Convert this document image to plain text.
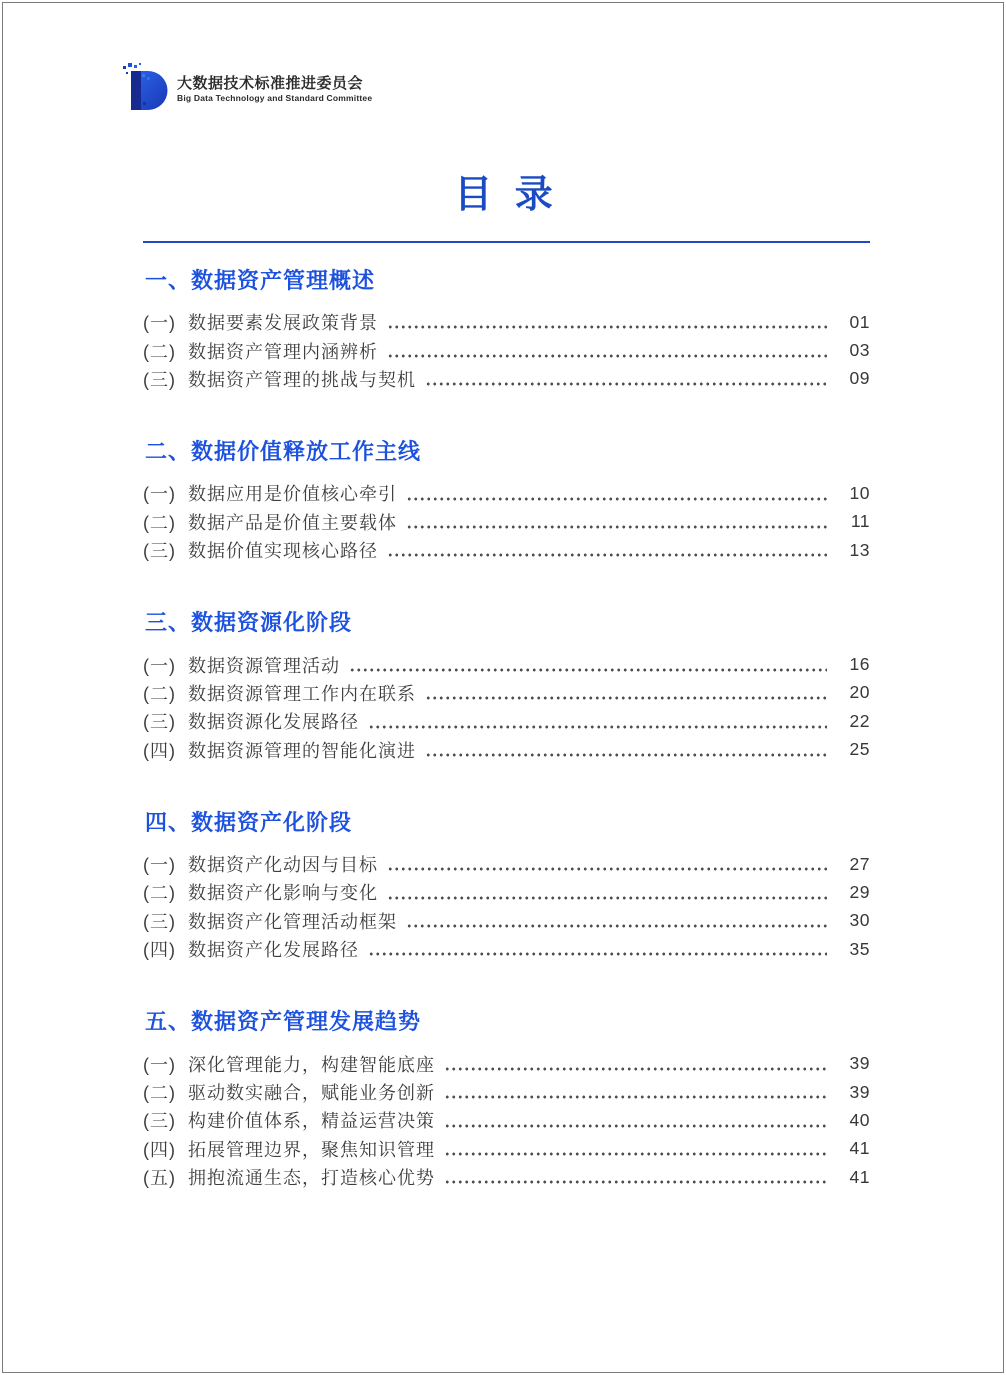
大数据技术标准推进委员会
Big Data Technology and Standard Committee
目 录
一、数据资产管理概述
(一) 数据要素发展政策背景	01
(二) 数据资产管理内涵辨析	03
(三) 数据资产管理的挑战与契机	09
二、数据价值释放工作主线
(一) 数据应用是价值核心牵引	10
(二) 数据产品是价值主要载体	11
(三) 数据价值实现核心路径	13
三、数据资源化阶段
(一) 数据资源管理活动	16
(二) 数据资源管理工作内在联系	20
(三) 数据资源化发展路径	22
(四) 数据资源管理的智能化演进	25
四、数据资产化阶段
(一) 数据资产化动因与目标	27
(二) 数据资产化影响与变化	29
(三) 数据资产化管理活动框架	30
(四) 数据资产化发展路径	35
五、数据资产管理发展趋势
(一) 深化管理能力，构建智能底座	39
(二) 驱动数实融合，赋能业务创新	39
(三) 构建价值体系，精益运营决策	40
(四) 拓展管理边界，聚焦知识管理	41
(五) 拥抱流通生态，打造核心优势	41
